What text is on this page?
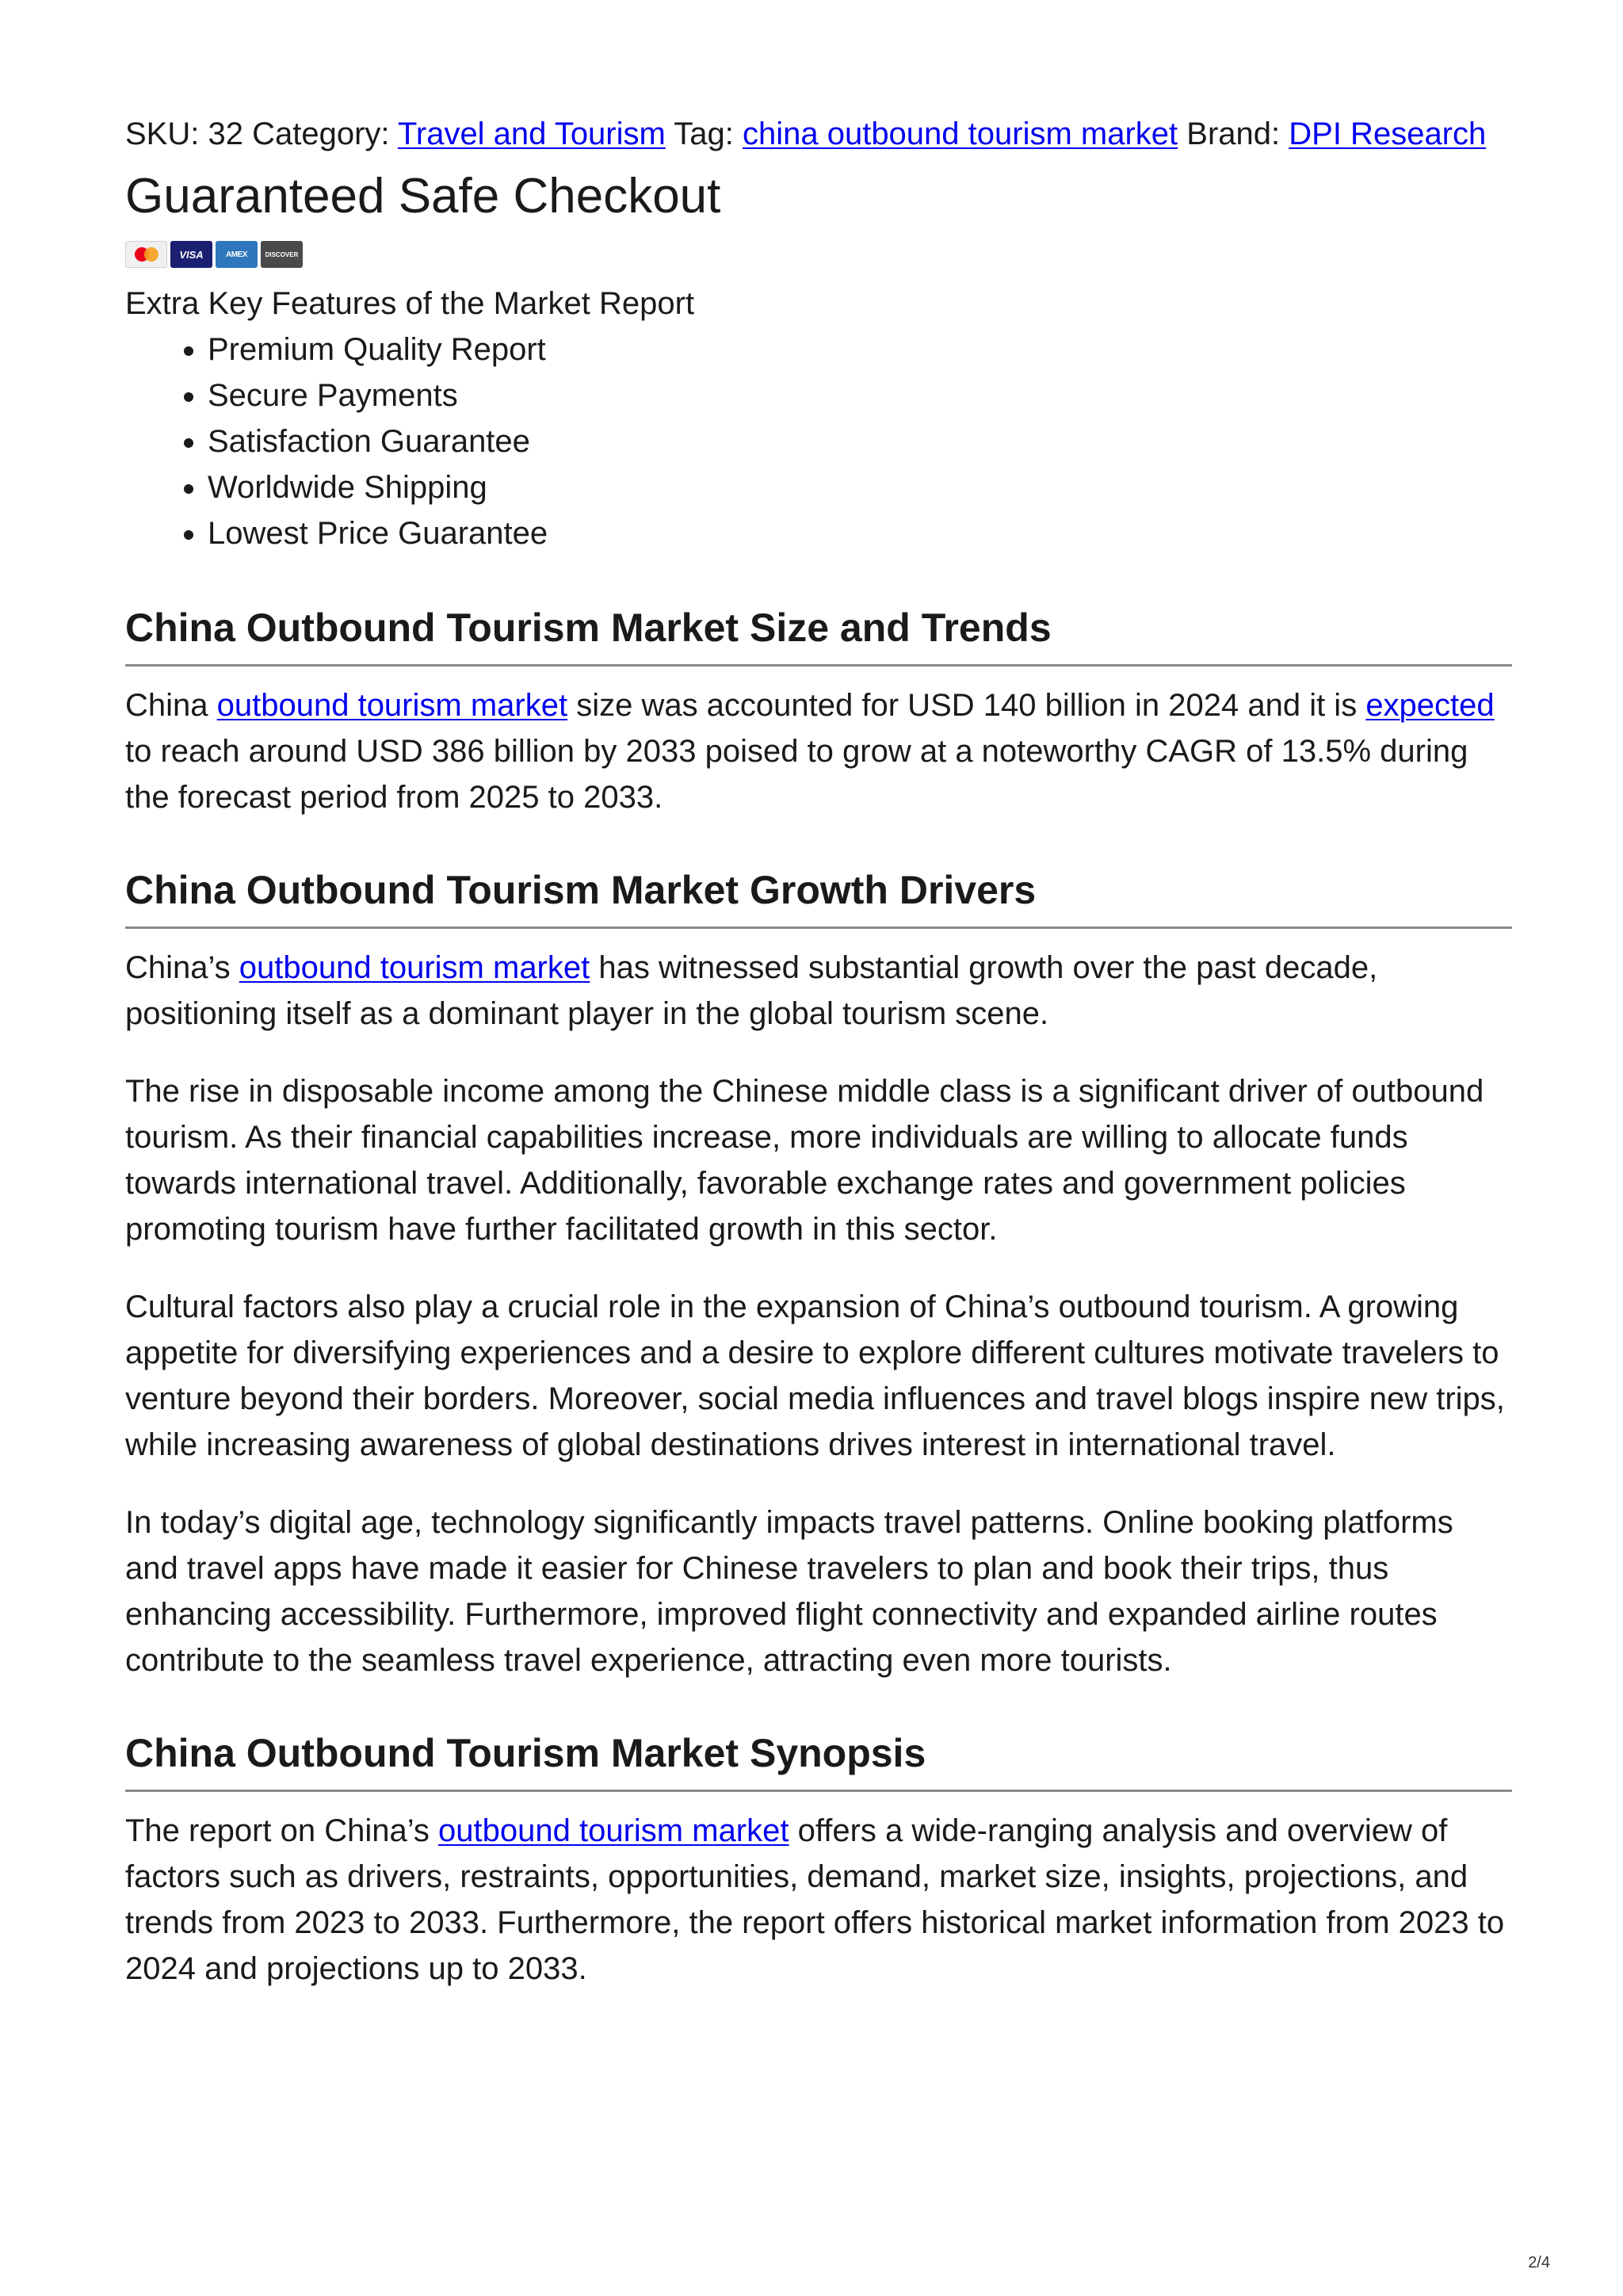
SKU: 32 Category: Travel and Tourism Tag: china outbound tourism market Brand: DPI Research

Guaranteed Safe Checkout
VISA	AMEX	DISCOVER

Extra Key Features of the Market Report

• Premium Quality Report
• Secure Payments
• Satisfaction Guarantee
• Worldwide Shipping
• Lowest Price Guarantee
China Outbound Tourism Market Size and Trends

China outbound tourism market size was accounted for USD 140 billion in 2024 and it is expected to reach around USD 386 billion by 2033 poised to grow at a noteworthy CAGR of 13.5% during the forecast period from 2025 to 2033.

China Outbound Tourism Market Growth Drivers

China’s outbound tourism market has witnessed substantial growth over the past decade, positioning itself as a dominant player in the global tourism scene.

The rise in disposable income among the Chinese middle class is a significant driver of outbound tourism. As their financial capabilities increase, more individuals are willing to allocate funds towards international travel. Additionally, favorable exchange rates and government policies promoting tourism have further facilitated growth in this sector.

Cultural factors also play a crucial role in the expansion of China’s outbound tourism. A growing appetite for diversifying experiences and a desire to explore different cultures motivate travelers to venture beyond their borders. Moreover, social media influences and travel blogs inspire new trips, while increasing awareness of global destinations drives interest in international travel.

In today’s digital age, technology significantly impacts travel patterns. Online booking platforms and travel apps have made it easier for Chinese travelers to plan and book their trips, thus enhancing accessibility. Furthermore, improved flight connectivity and expanded airline routes contribute to the seamless travel experience, attracting even more tourists.

China Outbound Tourism Market Synopsis

The report on China’s outbound tourism market offers a wide-ranging analysis and overview of factors such as drivers, restraints, opportunities, demand, market size, insights, projections, and trends from 2023 to 2033. Furthermore, the report offers historical market information from 2023 to 2024 and projections up to 2033.

2/4
